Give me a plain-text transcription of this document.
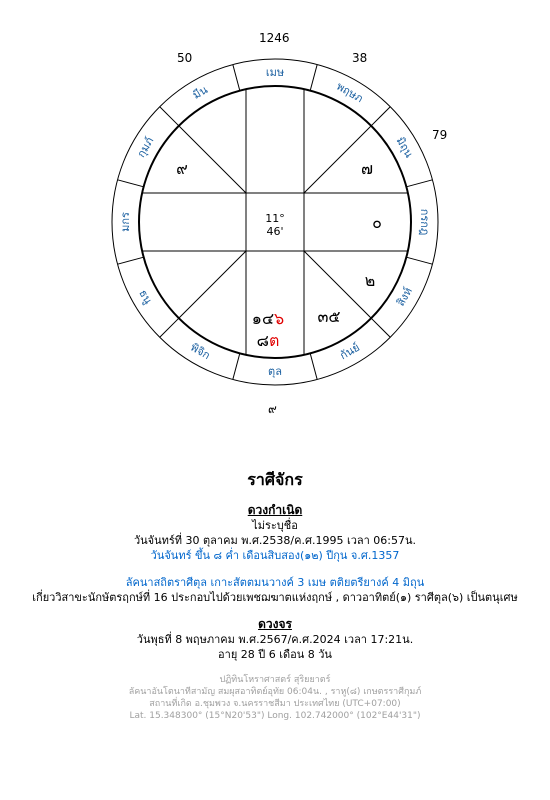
เมษ
มีน
กุมภ์
มกร
ธนู
พิจิก
ตุล
กันย์
สิงห์
กรกฎ
มิถุน
พฤษภ
11°
46'
๙	๗
๐
๒
๓๕
๑๔๖
๘ต
1246
50	38
79
๙
ราศีจักร
ดวงกำเนิด
ไม่ระบุชื่อ
วันจันทร์ที่ 30 ตุลาคม พ.ศ.2538/ค.ศ.1995 เวลา 06:57น.
วันจันทร์ ขึ้น ๘ ค่ำ เดือนสิบสอง(๑๒) ปีกุน จ.ศ.1357
ลัคนาสถิตราศีตุล เกาะสัตตมนวางค์ 3 เมษ ตติยตรียางค์ 4 มิถุน
เกี่ยววิสาขะนักษัตรฤกษ์ที่ 16 ประกอบไปด้วยเพชฌฆาตแห่งฤกษ์ , ดาวอาทิตย์(๑) ราศีตุล(๖) เป็นตนุเศษ
ดวงจร
วันพุธที่ 8 พฤษภาคม พ.ศ.2567/ค.ศ.2024 เวลา 17:21น.
อายุ 28 ปี 6 เดือน 8 วัน
ปฏิทินโหราศาสตร์ สุริยยาตร์
ลัคนาอันโตนาทีสามัญ สมผุสอาทิตย์อุทัย 06:04น. , ราหู(๘) เกษตรราศีกุมภ์
สถานที่เกิด อ.ชุมพวง จ.นครราชสีมา ประเทศไทย (UTC+07:00)
Lat. 15.348300° (15°N20'53") Long. 102.742000° (102°E44'31")
